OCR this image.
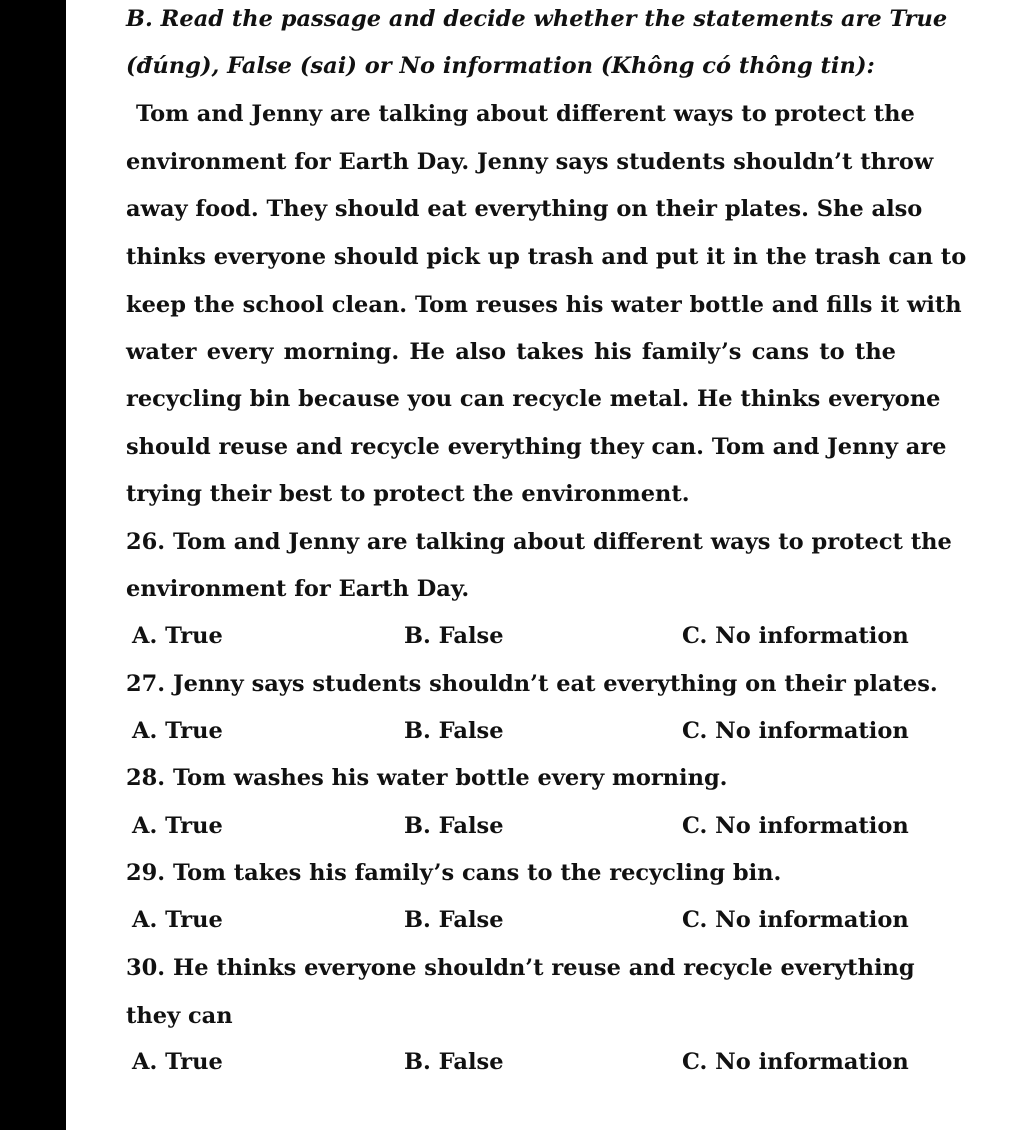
B. Read the passage and decide whether the statements are True
(đúng), False (sai) or No information (Không có thông tin):
Tom and Jenny are talking about different ways to protect the
environment for Earth Day. Jenny says students shouldn’t throw
away food. They should eat everything on their plates. She also
thinks everyone should pick up trash and put it in the trash can to
keep the school clean. Tom reuses his water bottle and fills it with
water every morning. He also takes his family’s cans to the
recycling bin because you can recycle metal. He thinks everyone
should reuse and recycle everything they can. Tom and Jenny are
trying their best to protect the environment.
26. Tom and Jenny are talking about different ways to protect the
environment for Earth Day.
A. True	B. False	C. No information
27. Jenny says students shouldn’t eat everything on their plates.
A. True	B. False	C. No information
28. Tom washes his water bottle every morning.
A. True	B. False	C. No information
29. Tom takes his family’s cans to the recycling bin.
A. True	B. False	C. No information
30. He thinks everyone shouldn’t reuse and recycle everything
they can
A. True	B. False	C. No information
